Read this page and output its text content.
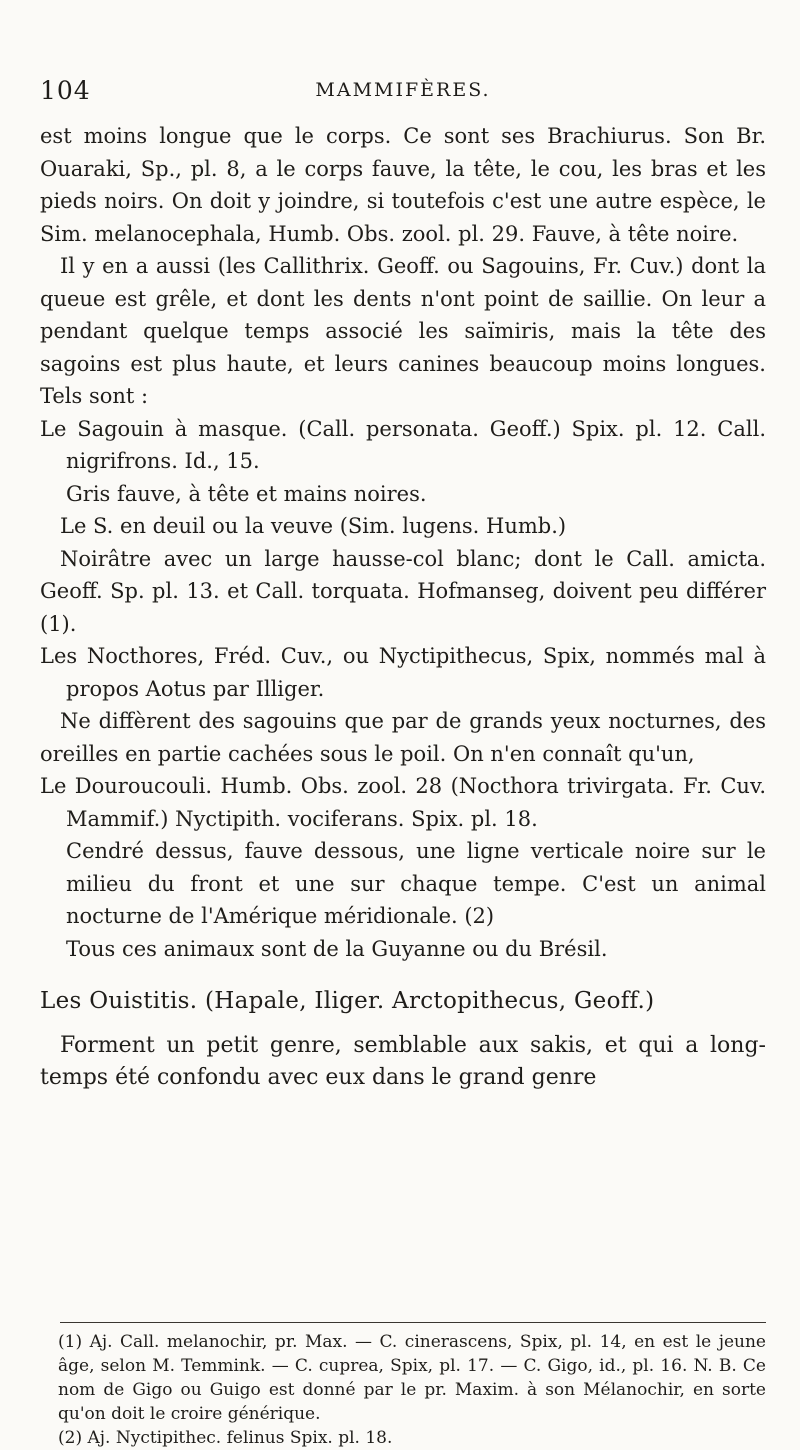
104	MAMMIFÈRES.

est moins longue que le corps. Ce sont ses Brachiurus. Son Br. Ouaraki, Sp., pl. 8, a le corps fauve, la tête, le cou, les bras et les pieds noirs. On doit y joindre, si toutefois c'est une autre espèce, le Sim. melanocephala, Humb. Obs. zool. pl. 29. Fauve, à tête noire.

Il y en a aussi (les Callithrix. Geoff. ou Sagouins, Fr. Cuv.) dont la queue est grêle, et dont les dents n'ont point de saillie. On leur a pendant quelque temps associé les saïmiris, mais la tête des sagoins est plus haute, et leurs canines beaucoup moins longues. Tels sont :

Le Sagouin à masque. (Call. personata. Geoff.) Spix. pl. 12. Call. nigrifrons. Id., 15.

Gris fauve, à tête et mains noires.

Le S. en deuil ou la veuve (Sim. lugens. Humb.)

Noirâtre avec un large hausse-col blanc; dont le Call. amicta. Geoff. Sp. pl. 13. et Call. torquata. Hofmanseg, doivent peu différer (1).

Les Nocthores, Fréd. Cuv., ou Nyctipithecus, Spix, nommés mal à propos Aotus par Illiger.

Ne diffèrent des sagouins que par de grands yeux nocturnes, des oreilles en partie cachées sous le poil. On n'en connaît qu'un,

Le Douroucouli. Humb. Obs. zool. 28 (Nocthora trivirgata. Fr. Cuv. Mammif.) Nyctipith. vociferans. Spix. pl. 18.

Cendré dessus, fauve dessous, une ligne verticale noire sur le milieu du front et une sur chaque tempe. C'est un animal nocturne de l'Amérique méridionale. (2)

Tous ces animaux sont de la Guyanne ou du Brésil.

Les Ouistitis. (Hapale, Iliger. Arctopithecus, Geoff.)

Forment un petit genre, semblable aux sakis, et qui a long-temps été confondu avec eux dans le grand genre

(1) Aj. Call. melanochir, pr. Max. — C. cinerascens, Spix, pl. 14, en est le jeune âge, selon M. Temmink. — C. cuprea, Spix, pl. 17. — C. Gigo, id., pl. 16. N. B. Ce nom de Gigo ou Guigo est donné par le pr. Maxim. à son Mélanochir, en sorte qu'on doit le croire générique.

(2) Aj. Nyctipithec. felinus Spix. pl. 18.
